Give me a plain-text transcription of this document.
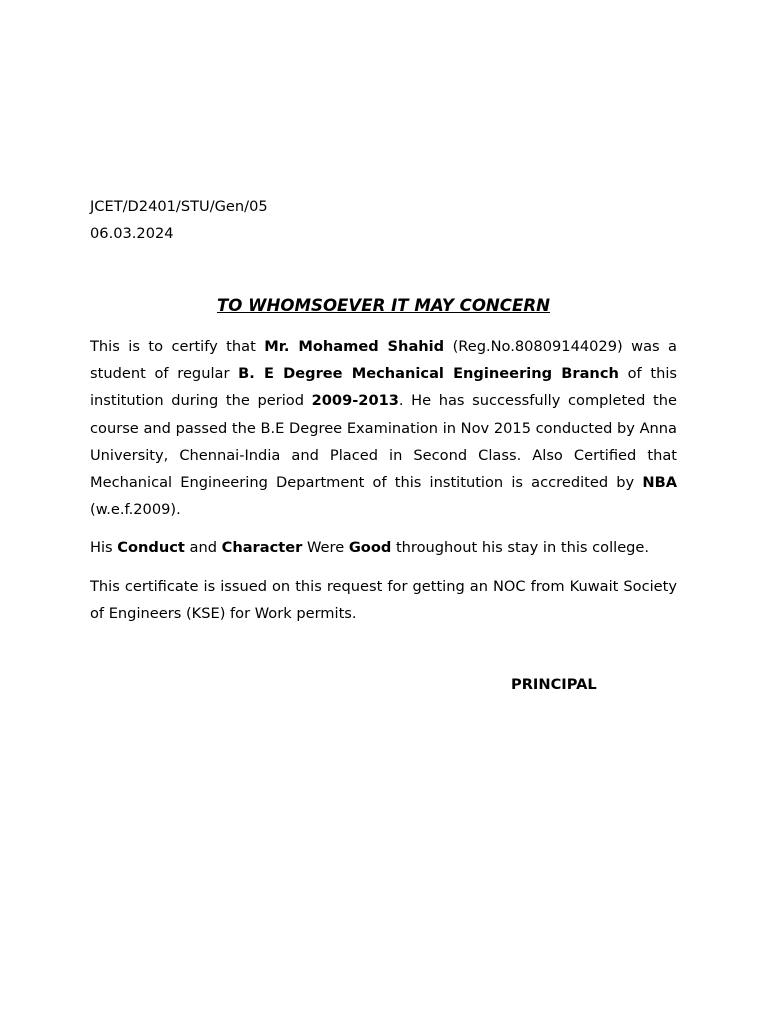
JCET/D2401/STU/Gen/05
06.03.2024
TO WHOMSOEVER IT MAY CONCERN

This is to certify that Mr. Mohamed Shahid (Reg.No.80809144029) was a student of regular B. E Degree Mechanical Engineering Branch of this institution during the period 2009-2013. He has successfully completed the course and passed the B.E Degree Examination in Nov 2015 conducted by Anna University, Chennai-India and Placed in Second Class. Also Certified that Mechanical Engineering Department of this institution is accredited by NBA (w.e.f.2009).

His Conduct and Character Were Good throughout his stay in this college.

This certificate is issued on this request for getting an NOC from Kuwait Society of Engineers (KSE) for Work permits.

PRINCIPAL
